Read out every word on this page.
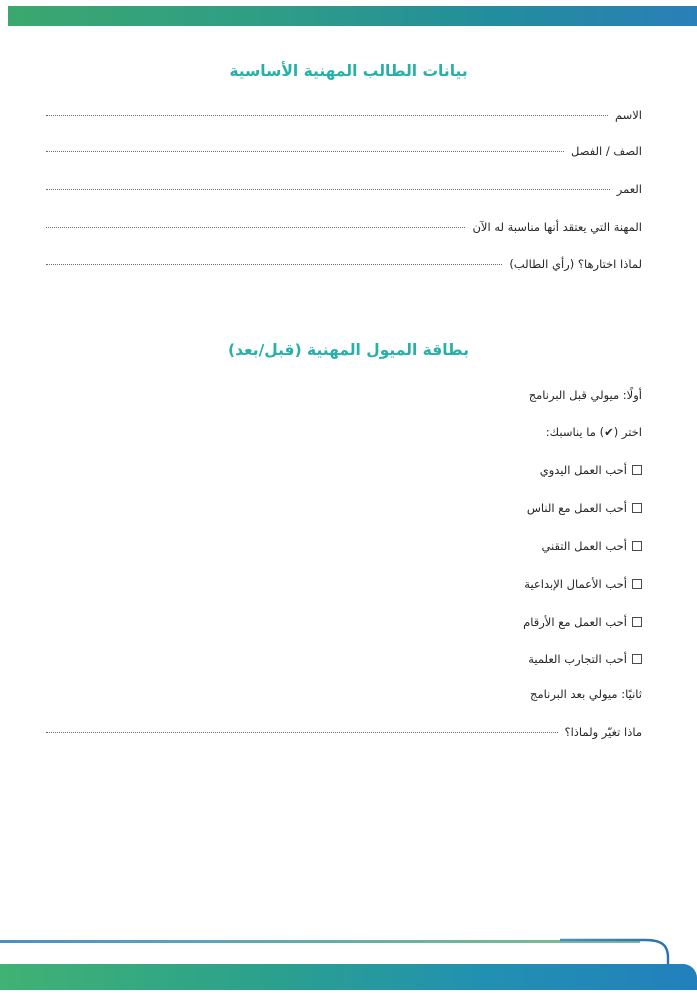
بيانات الطالب المهنية الأساسية
الاسم
الصف / الفصل
العمر
المهنة التي يعتقد أنها مناسبة له الآن
لماذا اختارها؟ (رأي الطالب)
بطاقة الميول المهنية (قبل/بعد)
أولًا: ميولي قبل البرنامج
اختر (✔) ما يناسبك:
أحب العمل اليدوي
أحب العمل مع الناس
أحب العمل التقني
أحب الأعمال الإبداعية
أحب العمل مع الأرقام
أحب التجارب العلمية
ثانيًا: ميولي بعد البرنامج
ماذا تغيّر ولماذا؟
